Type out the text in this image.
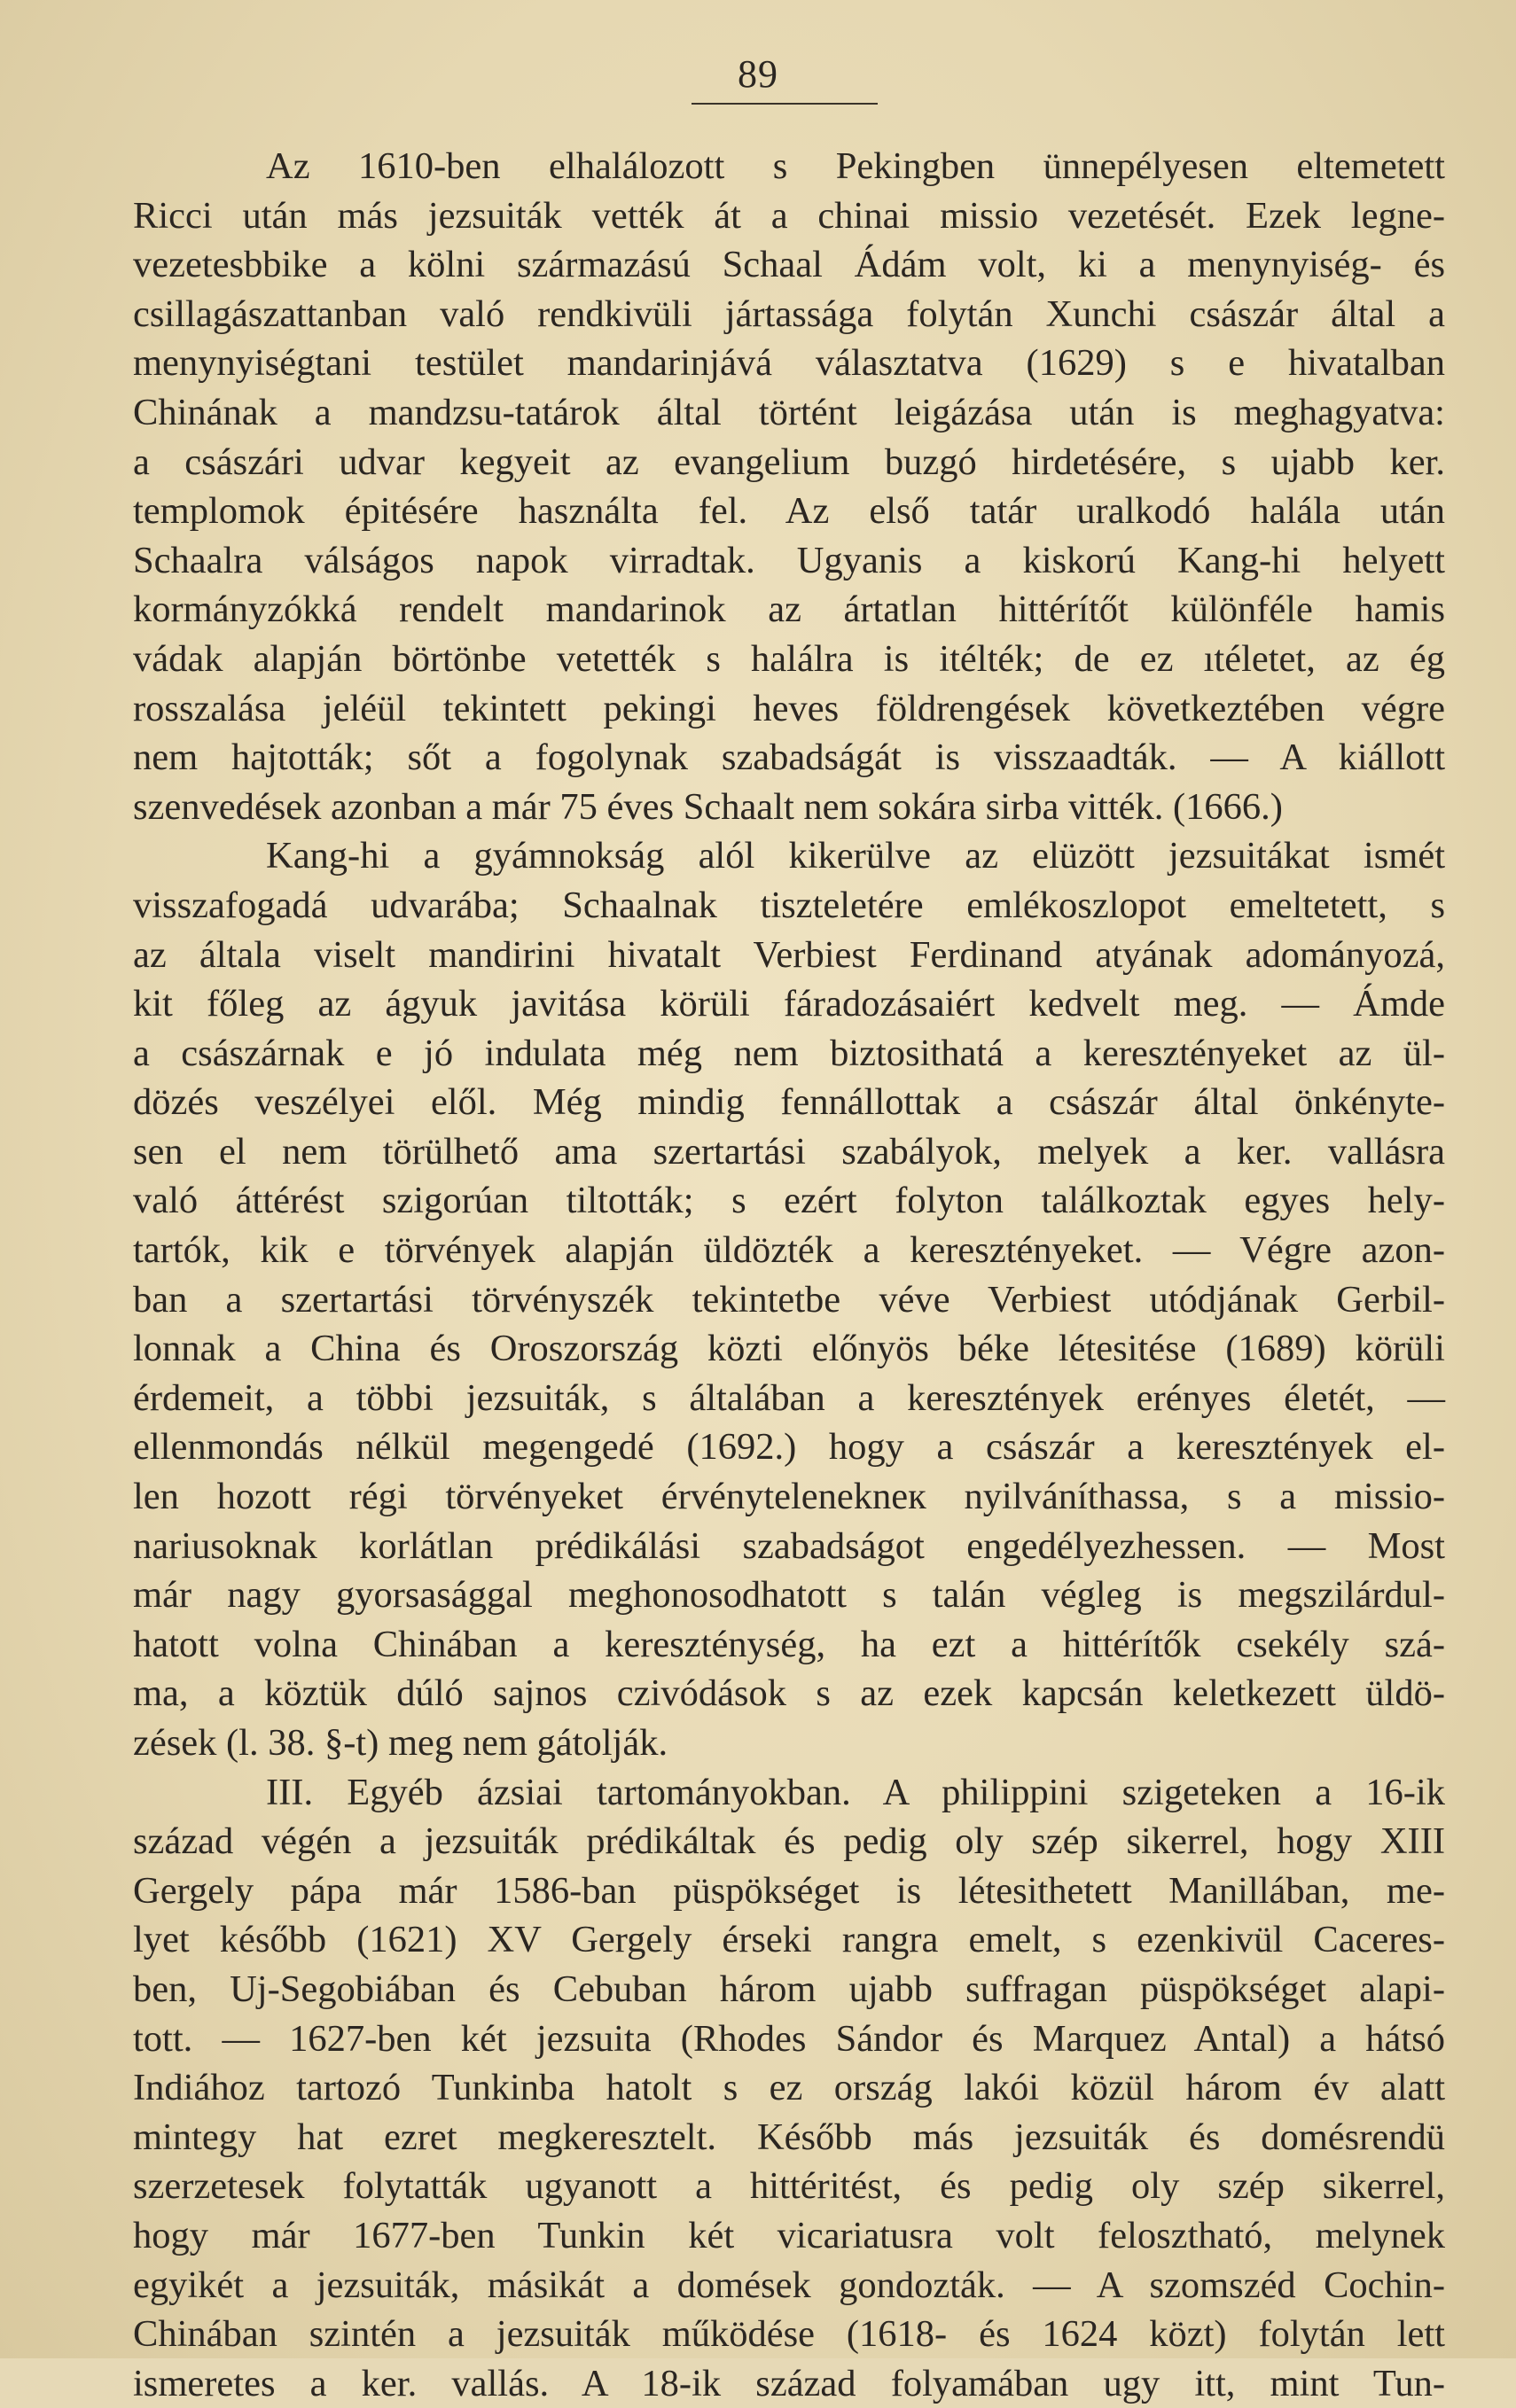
89
Az 1610-ben elhalálozott s Pekingben ünnepélyesen eltemetett
Ricci után más jezsuiták vették át a chinai missio vezetését. Ezek legne-
vezetesbbike a kölni származású Schaal Ádám volt, ki a menynyiség- és
csillagászattanban való rendkivüli jártassága folytán Xunchi császár által a
menynyiségtani testület mandarinjává választatva (1629) s e hivatalban
Chinának a mandzsu-tatárok által történt leigázása után is meghagyatva:
a császári udvar kegyeit az evangelium buzgó hirdetésére, s ujabb ker.
templomok épitésére használta fel. Az első tatár uralkodó halála után
Schaalra válságos napok virradtak. Ugyanis a kiskorú Kang-hi helyett
kormányzókká rendelt mandarinok az ártatlan hittérítőt különféle hamis
vádak alapján börtönbe vetették s halálra is itélték; de ez ıtéletet, az ég
rosszalása jeléül tekintett pekingi heves földrengések következtében végre
nem hajtották; sőt a fogolynak szabadságát is visszaadták. — A kiállott
szenvedések azonban a már 75 éves Schaalt nem sokára sirba vitték. (1666.)
Kang-hi a gyámnokság alól kikerülve az elüzött jezsuitákat ismét
visszafogadá udvarába; Schaalnak tiszteletére emlékoszlopot emeltetett, s
az általa viselt mandirini hivatalt Verbiest Ferdinand atyának adományozá,
kit főleg az ágyuk javitása körüli fáradozásaiért kedvelt meg. — Ámde
a császárnak e jó indulata még nem biztosithatá a keresztényeket az ül-
dözés veszélyei elől. Még mindig fennállottak a császár által önkényte-
sen el nem törülhető ama szertartási szabályok, melyek a ker. vallásra
való áttérést szigorúan tiltották; s ezért folyton találkoztak egyes hely-
tartók, kik e törvények alapján üldözték a keresztényeket. — Végre azon-
ban a szertartási törvényszék tekintetbe véve Verbiest utódjának Gerbil-
lonnak a China és Oroszország közti előnyös béke létesitése (1689) körüli
érdemeit, a többi jezsuiták, s általában a keresztények erényes életét, —
ellenmondás nélkül megengedé (1692.) hogy a császár a keresztények el-
len hozott régi törvényeket érvénytelenekneк nyilváníthassa, s a missio-
nariusoknak korlátlan prédikálási szabadságot engedélyezhessen. — Most
már nagy gyorsasággal meghonosodhatott s talán végleg is megszilárdul-
hatott volna Chinában a kereszténység, ha ezt a hittérítők csekély szá-
ma, a köztük dúló sajnos czivódások s az ezek kapcsán keletkezett üldö-
zések (l. 38. §-t) meg nem gátolják.
III. Egyéb ázsiai tartományokban. A philippini szigeteken a 16-ik
század végén a jezsuiták prédikáltak és pedig oly szép sikerrel, hogy XIII
Gergely pápa már 1586-ban püspökséget is létesithetett Manillában, me-
lyet később (1621) XV Gergely érseki rangra emelt, s ezenkivül Caceres-
ben, Uj-Segobiában és Cebuban három ujabb suffragan püspökséget alapi-
tott. — 1627-ben két jezsuita (Rhodes Sándor és Marquez Antal) a hátsó
Indiához tartozó Tunkinba hatolt s ez ország lakói közül három év alatt
mintegy hat ezret megkeresztelt. Később más jezsuiták és domésrendü
szerzetesek folytatták ugyanott a hittéritést, és pedig oly szép sikerrel,
hogy már 1677-ben Tunkin két vicariatusra volt felosztható, melynek
egyikét a jezsuiták, másikát a domések gondozták. — A szomszéd Cochin-
Chinában szintén a jezsuiták működése (1618- és 1624 közt) folytán lett
ismeretes a ker. vallás. A 18-ik század folyamában ugy itt, mint Tun-
